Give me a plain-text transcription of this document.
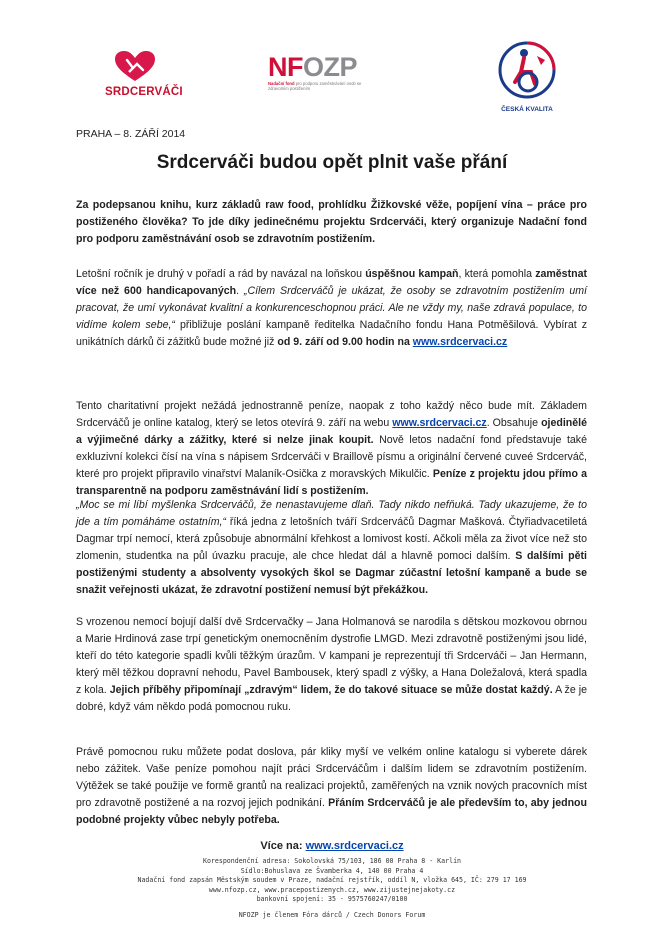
SRDCERVÁČI
NFOZP
Nadační fond pro podporu zaměstnávání osob se zdravotním postižením
ČESKÁ KVALITA
PRAHA – 8. ZÁŘÍ 2014
Srdcerváči budou opět plnit vaše přání
Za podepsanou knihu, kurz základů raw food, prohlídku Žižkovské věže, popíjení vína – práce pro postiženého člověka? To jde díky jedinečnému projektu Srdcerváči, který organizuje Nadační fond pro podporu zaměstnávání osob se zdravotním postižením.
Letošní ročník je druhý v pořadí a rád by navázal na loňskou úspěšnou kampaň, která pomohla zaměstnat více než 600 handicapovaných. „Cílem Srdcerváčů je ukázat, že osoby se zdravotním postižením umí pracovat, že umí vykonávat kvalitní a konkurenceschopnou práci. Ale ne vždy my, naše zdravá populace, to vidíme kolem sebe,“ přibližuje poslání kampaně ředitelka Nadačního fondu Hana Potměšilová. Vybírat z unikátních dárků či zážitků bude možné již od 9. září od 9.00 hodin na www.srdcervaci.cz
Tento charitativní projekt nežádá jednostranně peníze, naopak z toho každý něco bude mít. Základem Srdcerváčů je online katalog, který se letos otevírá 9. září na webu www.srdcervaci.cz. Obsahuje ojedinělé a výjimečné dárky a zážitky, které si nelze jinak koupit. Nově letos nadační fond představuje také exkluzivní kolekci čísí na vína s nápisem Srdcerváči v Braillově písmu a originální červené cuveé Srdcerváč, které pro projekt připravilo vinařství Malaník-Osička z moravských Mikulčic. Peníze z projektu jdou přímo a transparentně na podporu zaměstnávání lidí s postižením.
„Moc se mi líbí myšlenka Srdcerváčů, že nenastavujeme dlaň. Tady nikdo nefňuká. Tady ukazujeme, že to jde a tím pomáháme ostatním,“ říká jedna z letošních tváří Srdcerváčů Dagmar Mašková. Čtyřiadvacetiletá Dagmar trpí nemocí, která způsobuje abnormální křehkost a lomivost kostí. Ačkoli měla za život více než sto zlomenin, studentka na půl úvazku pracuje, ale chce hledat dál a hlavně pomoci dalším. S dalšími pěti postiženými studenty a absolventy vysokých škol se Dagmar zúčastní letošní kampaně a bude se snažit veřejnosti ukázat, že zdravotní postižení nemusí být překážkou.
S vrozenou nemocí bojují další dvě Srdcervačky – Jana Holmanová se narodila s dětskou mozkovou obrnou a Marie Hrdinová zase trpí genetickým onemocněním dystrofie LMGD. Mezi zdravotně postiženými jsou lidé, kteří do této kategorie spadli kvůli těžkým úrazům. V kampani je reprezentují tři Srdcerváči – Jan Hermann, který měl těžkou dopravní nehodu, Pavel Bambousek, který spadl z výšky, a Hana Doležalová, která spadla z kola. Jejich příběhy připomínají „zdravým“ lidem, že do takové situace se může dostat každý. A že je dobré, když vám někdo podá pomocnou ruku.
Právě pomocnou ruku můžete podat doslova, pár kliky myší ve velkém online katalogu si vyberete dárek nebo zážitek. Vaše peníze pomohou najít práci Srdcerváčům i dalším lidem se zdravotním postižením. Výtěžek se také použije ve formě grantů na realizaci projektů, zaměřených na vznik nových pracovních míst pro zdravotně postižené a na rozvoj jejich podnikání. Přáním Srdcerváčů je ale především to, aby jednou podobné projekty vůbec nebyly potřeba.
Více na: www.srdcervaci.cz
Korespondenční adresa: Sokolovská 75/103, 186 00 Praha 8 - Karlín
Sídlo:Bohuslava ze Švamberka 4, 140 00 Praha 4
Nadační fond zapsán Městským soudem v Praze, nadační rejstřík, oddíl N, vložka 645, IČ: 279 17 169
www.nfozp.cz, www.pracepostizenych.cz, www.zijustejnejakoty.cz
bankovní spojení: 35 - 9575760247/0100
NFOZP je členem Fóra dárců / Czech Donors Forum
